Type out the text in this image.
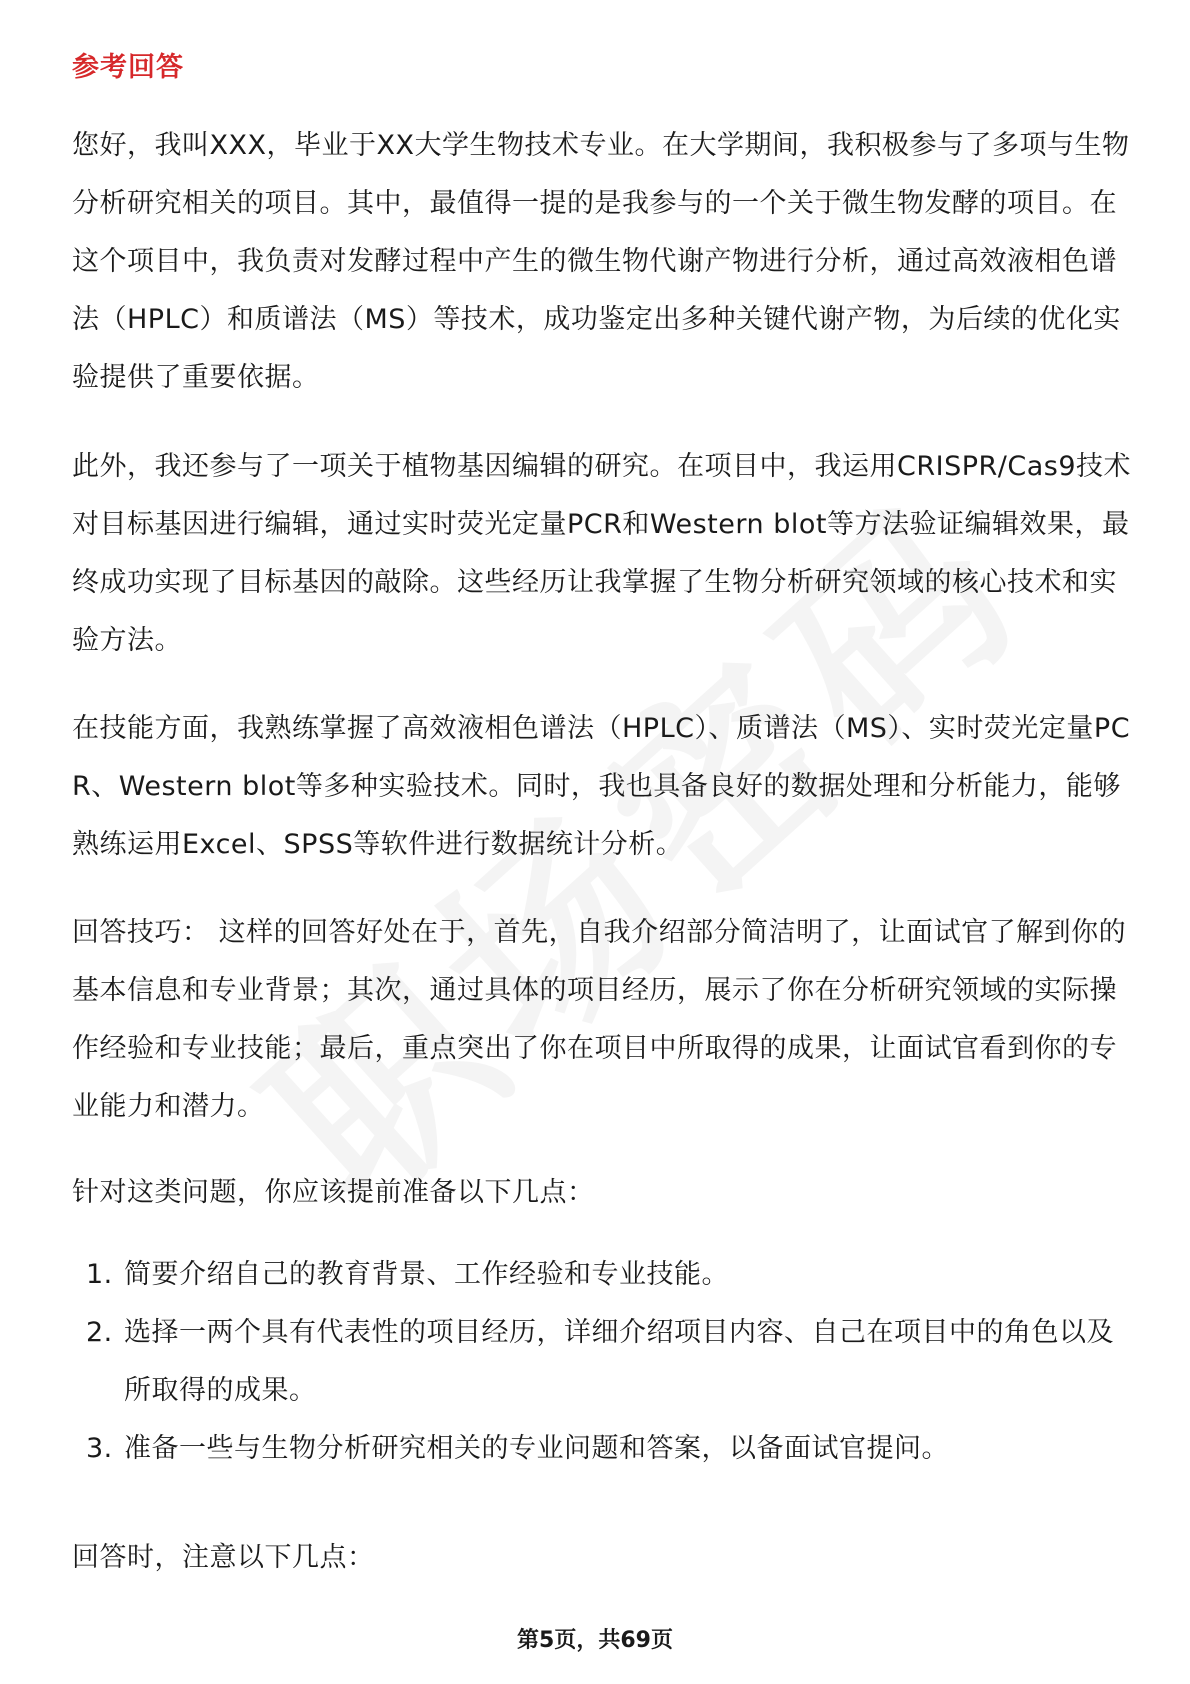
参考回答

您好，我叫XXX，毕业于XX大学生物技术专业。在大学期间，我积极参与了多项与生物分析研究相关的项目。其中，最值得一提的是我参与的一个关于微生物发酵的项目。在这个项目中，我负责对发酵过程中产生的微生物代谢产物进行分析，通过高效液相色谱法（HPLC）和质谱法（MS）等技术，成功鉴定出多种关键代谢产物，为后续的优化实验提供了重要依据。

此外，我还参与了一项关于植物基因编辑的研究。在项目中，我运用CRISPR/Cas9技术对目标基因进行编辑，通过实时荧光定量PCR和Western blot等方法验证编辑效果，最终成功实现了目标基因的敲除。这些经历让我掌握了生物分析研究领域的核心技术和实验方法。

在技能方面，我熟练掌握了高效液相色谱法（HPLC）、质谱法（MS）、实时荧光定量PCR、Western blot等多种实验技术。同时，我也具备良好的数据处理和分析能力，能够熟练运用Excel、SPSS等软件进行数据统计分析。

回答技巧： 这样的回答好处在于，首先，自我介绍部分简洁明了，让面试官了解到你的基本信息和专业背景；其次，通过具体的项目经历，展示了你在分析研究领域的实际操作经验和专业技能；最后，重点突出了你在项目中所取得的成果，让面试官看到你的专业能力和潜力。

针对这类问题，你应该提前准备以下几点：

1. 简要介绍自己的教育背景、工作经验和专业技能。
2. 选择一两个具有代表性的项目经历，详细介绍项目内容、自己在项目中的角色以及所取得的成果。
3. 准备一些与生物分析研究相关的专业问题和答案，以备面试官提问。

回答时，注意以下几点：

第5页，共69页
